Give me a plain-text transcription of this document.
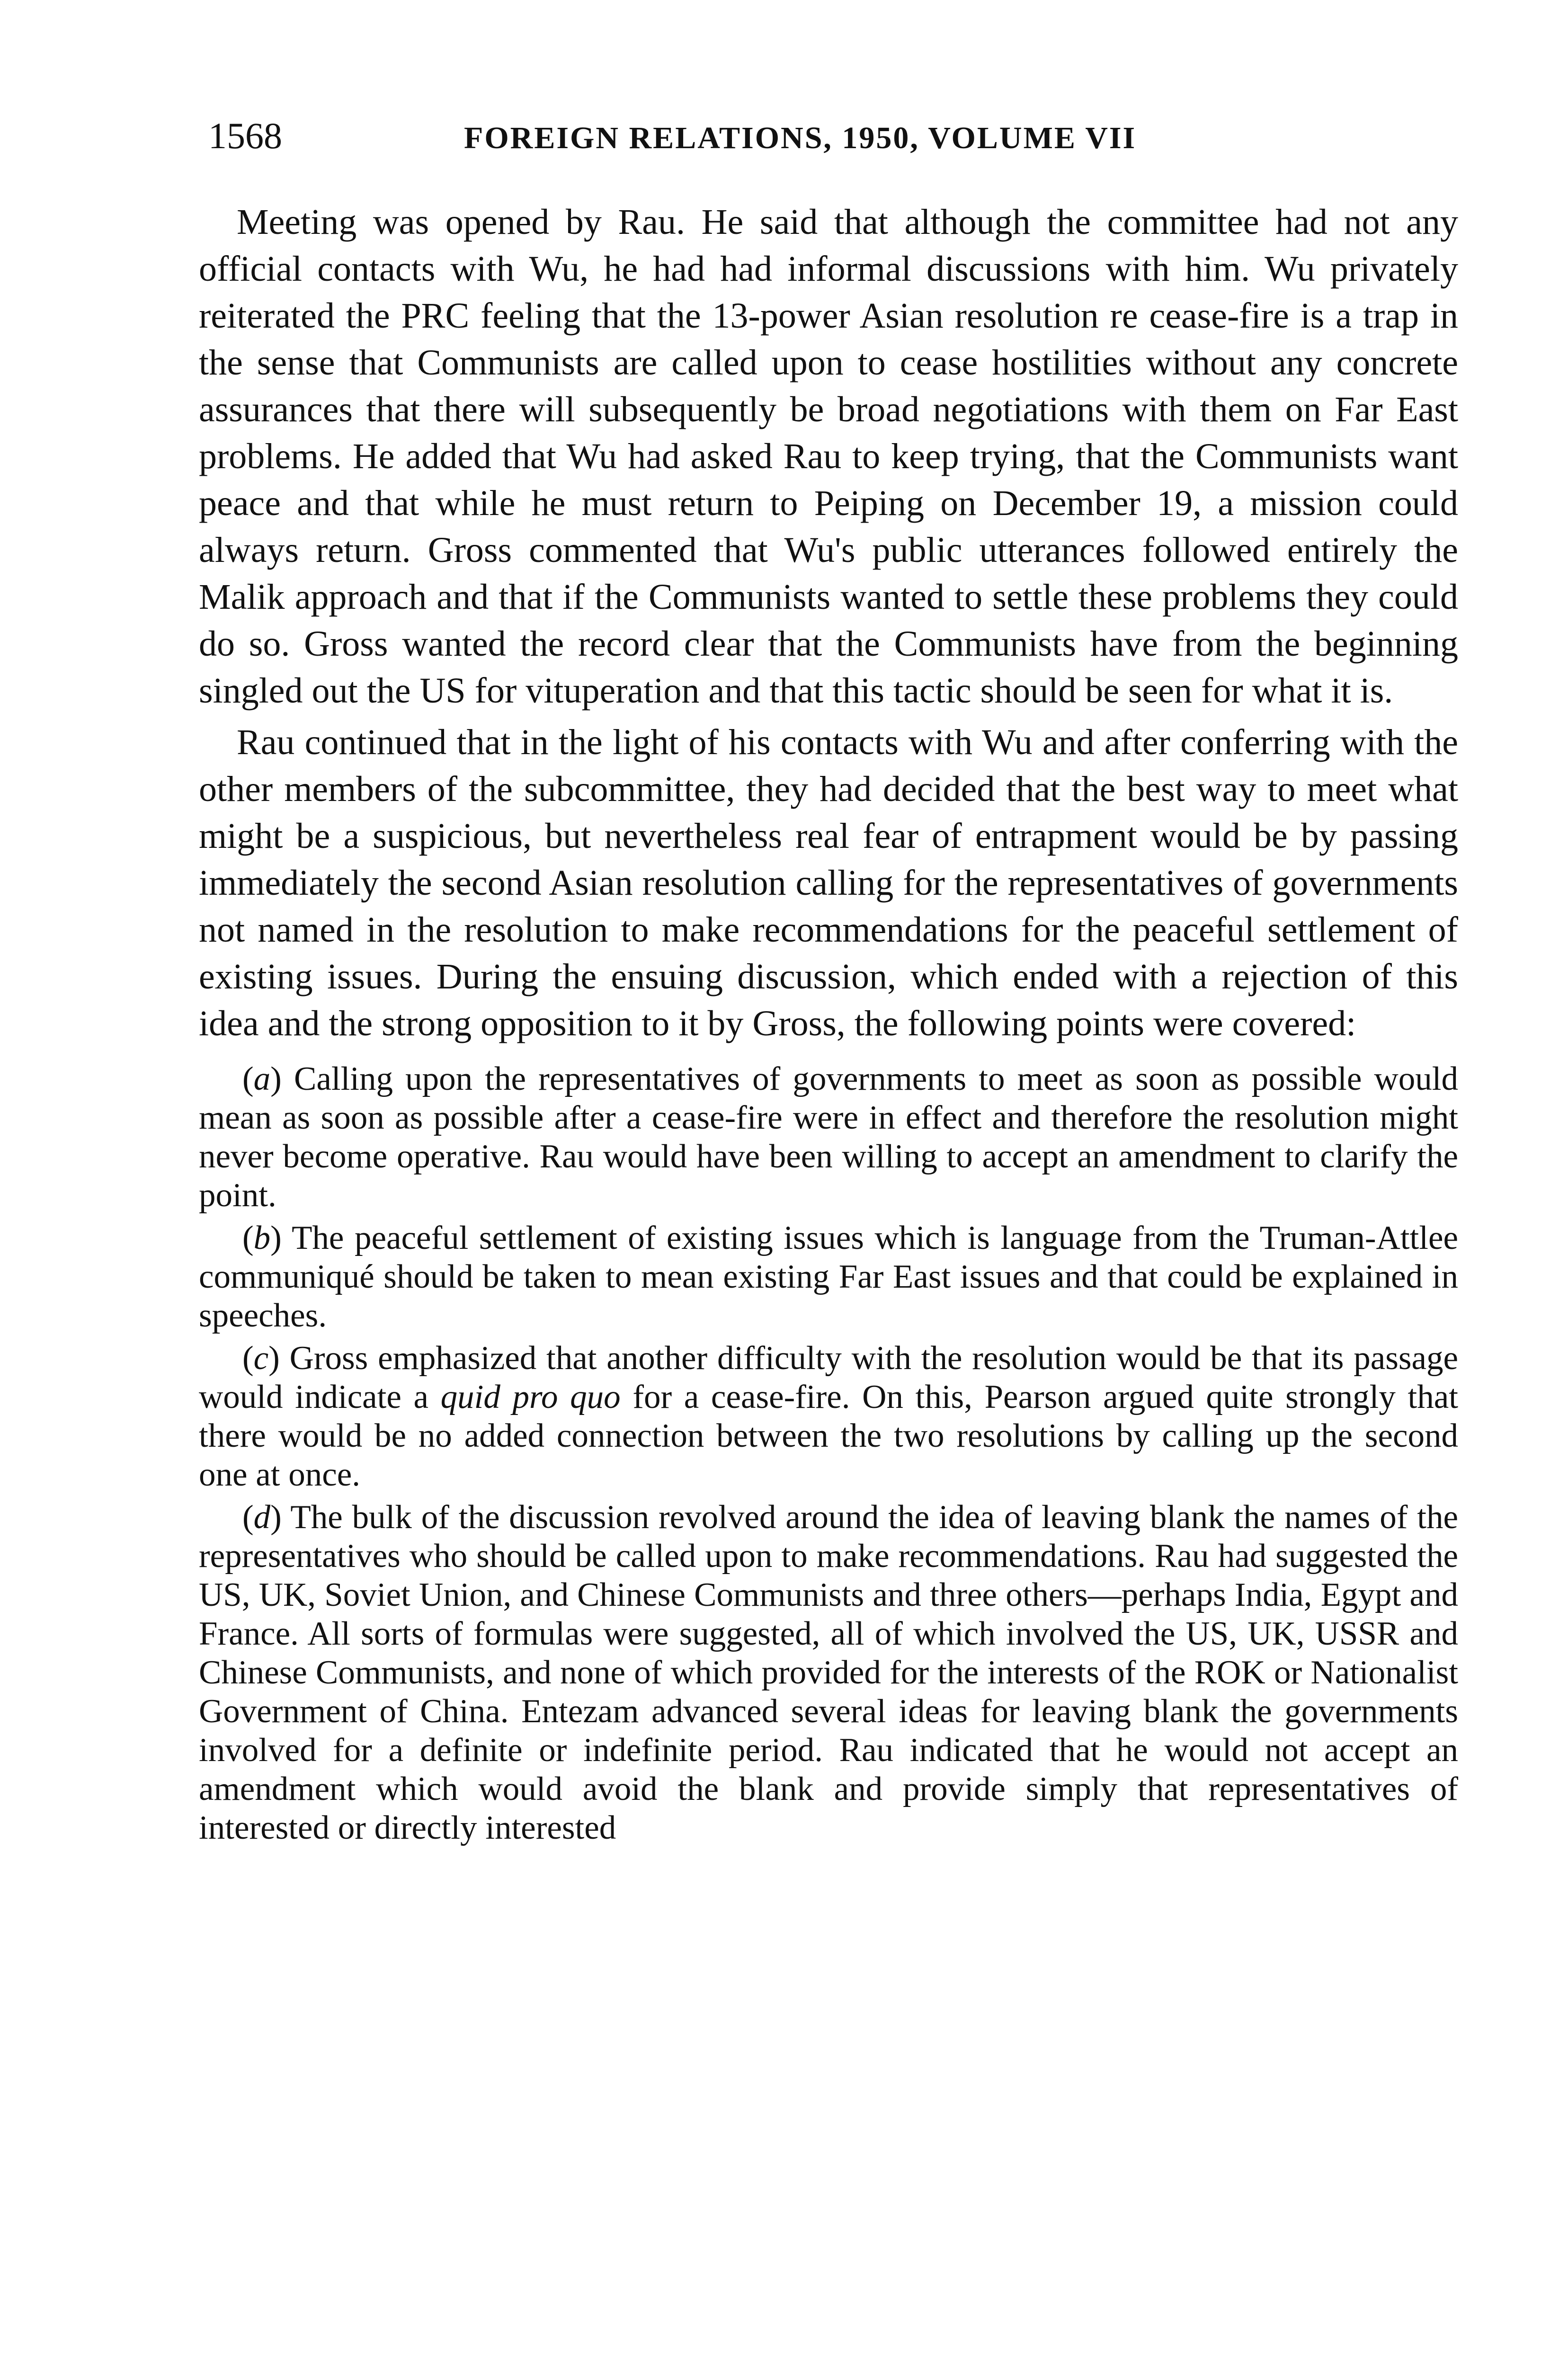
1568	FOREIGN RELATIONS, 1950, VOLUME VII

Meeting was opened by Rau. He said that although the committee had not any official contacts with Wu, he had had informal discussions with him. Wu privately reiterated the PRC feeling that the 13-power Asian resolution re cease-fire is a trap in the sense that Communists are called upon to cease hostilities without any concrete assurances that there will subsequently be broad negotiations with them on Far East problems. He added that Wu had asked Rau to keep trying, that the Communists want peace and that while he must return to Peiping on December 19, a mission could always return. Gross commented that Wu's public utterances followed entirely the Malik approach and that if the Communists wanted to settle these problems they could do so. Gross wanted the record clear that the Communists have from the beginning singled out the US for vituperation and that this tactic should be seen for what it is.

Rau continued that in the light of his contacts with Wu and after conferring with the other members of the subcommittee, they had decided that the best way to meet what might be a suspicious, but nevertheless real fear of entrapment would be by passing immediately the second Asian resolution calling for the representatives of governments not named in the resolution to make recommendations for the peaceful settlement of existing issues. During the ensuing discussion, which ended with a rejection of this idea and the strong opposition to it by Gross, the following points were covered:

(a) Calling upon the representatives of governments to meet as soon as possible would mean as soon as possible after a cease-fire were in effect and therefore the resolution might never become operative. Rau would have been willing to accept an amendment to clarify the point.

(b) The peaceful settlement of existing issues which is language from the Truman-Attlee communiqué should be taken to mean existing Far East issues and that could be explained in speeches.

(c) Gross emphasized that another difficulty with the resolution would be that its passage would indicate a quid pro quo for a cease-fire. On this, Pearson argued quite strongly that there would be no added connection between the two resolutions by calling up the second one at once.

(d) The bulk of the discussion revolved around the idea of leaving blank the names of the representatives who should be called upon to make recommendations. Rau had suggested the US, UK, Soviet Union, and Chinese Communists and three others—perhaps India, Egypt and France. All sorts of formulas were suggested, all of which involved the US, UK, USSR and Chinese Communists, and none of which provided for the interests of the ROK or Nationalist Government of China. Entezam advanced several ideas for leaving blank the governments involved for a definite or indefinite period. Rau indicated that he would not accept an amendment which would avoid the blank and provide simply that representatives of interested or directly interested
